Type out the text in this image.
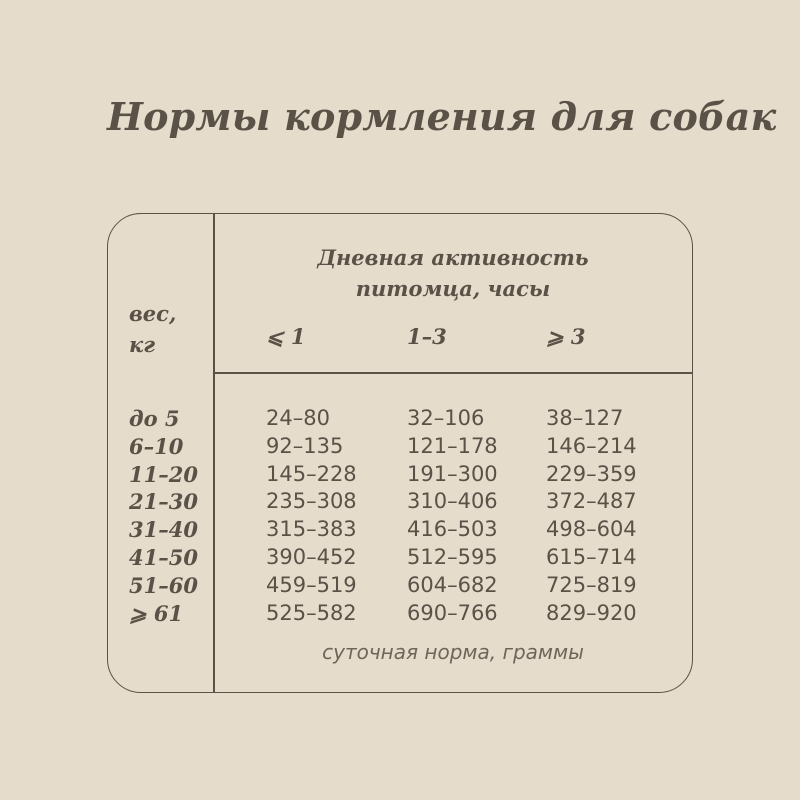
Нормы кормления для собак
вес,
кг
Дневная активность
питомца, часы
⩽ 1	1–3	⩾ 3
до 5
6–10
11–20
21–30
31–40
41–50
51–60
⩾ 61
24–80
92–135
145–228
235–308
315–383
390–452
459–519
525–582
32–106
121–178
191–300
310–406
416–503
512–595
604–682
690–766
38–127
146–214
229–359
372–487
498–604
615–714
725–819
829–920
суточная норма, граммы
